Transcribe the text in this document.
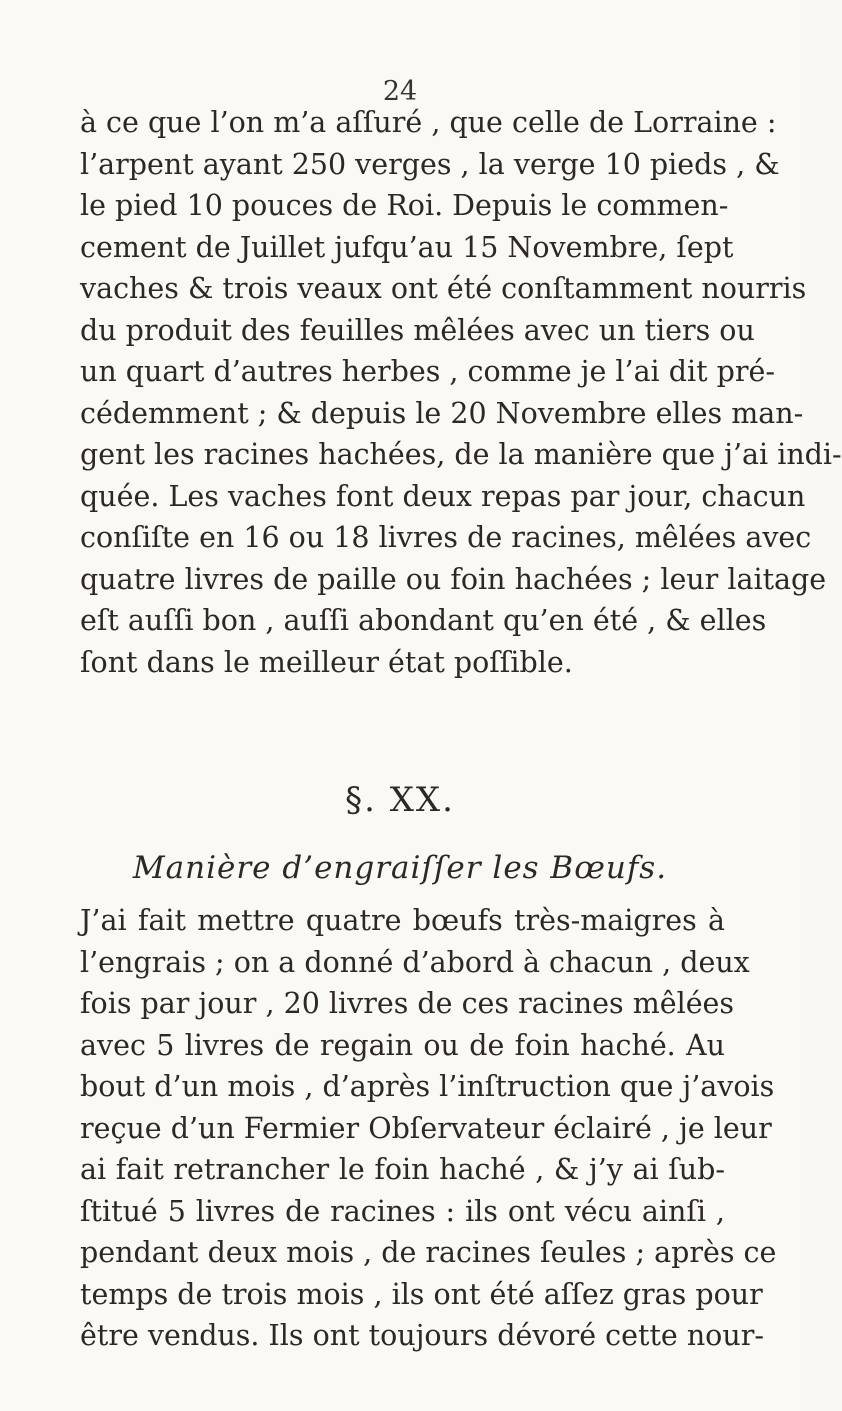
24
à ce que l’on m’a aſſuré , que celle de Lorraine :
l’arpent ayant 250 verges , la verge 10 pieds , &
le pied 10 pouces de Roi. Depuis le commen-
cement de Juillet jufqu’au 15 Novembre, ſept
vaches & trois veaux ont été conſtamment nourris
du produit des feuilles mêlées avec un tiers ou
un quart d’autres herbes , comme je l’ai dit pré-
cédemment ; & depuis le 20 Novembre elles man-
gent les racines hachées, de la manière que j’ai indi-
quée. Les vaches font deux repas par jour, chacun
conſiſte en 16 ou 18 livres de racines, mêlées avec
quatre livres de paille ou foin hachées ; leur laitage
eſt auſſi bon , auſſi abondant qu’en été , & elles
ſont dans le meilleur état poſſible.
§. XX.
Manière d’engraiſſer les Bœufs.
J’ai fait mettre quatre bœufs très-maigres à
l’engrais ; on a donné d’abord à chacun , deux
fois par jour , 20 livres de ces racines mêlées
avec 5 livres de regain ou de foin haché. Au
bout d’un mois , d’après l’inſtruction que j’avois
reçue d’un Fermier Obſervateur éclairé , je leur
ai fait retrancher le foin haché , & j’y ai ſub-
ſtitué 5 livres de racines : ils ont vécu ainſi ,
pendant deux mois , de racines ſeules ; après ce
temps de trois mois , ils ont été aſſez gras pour
être vendus. Ils ont toujours dévoré cette nour-
